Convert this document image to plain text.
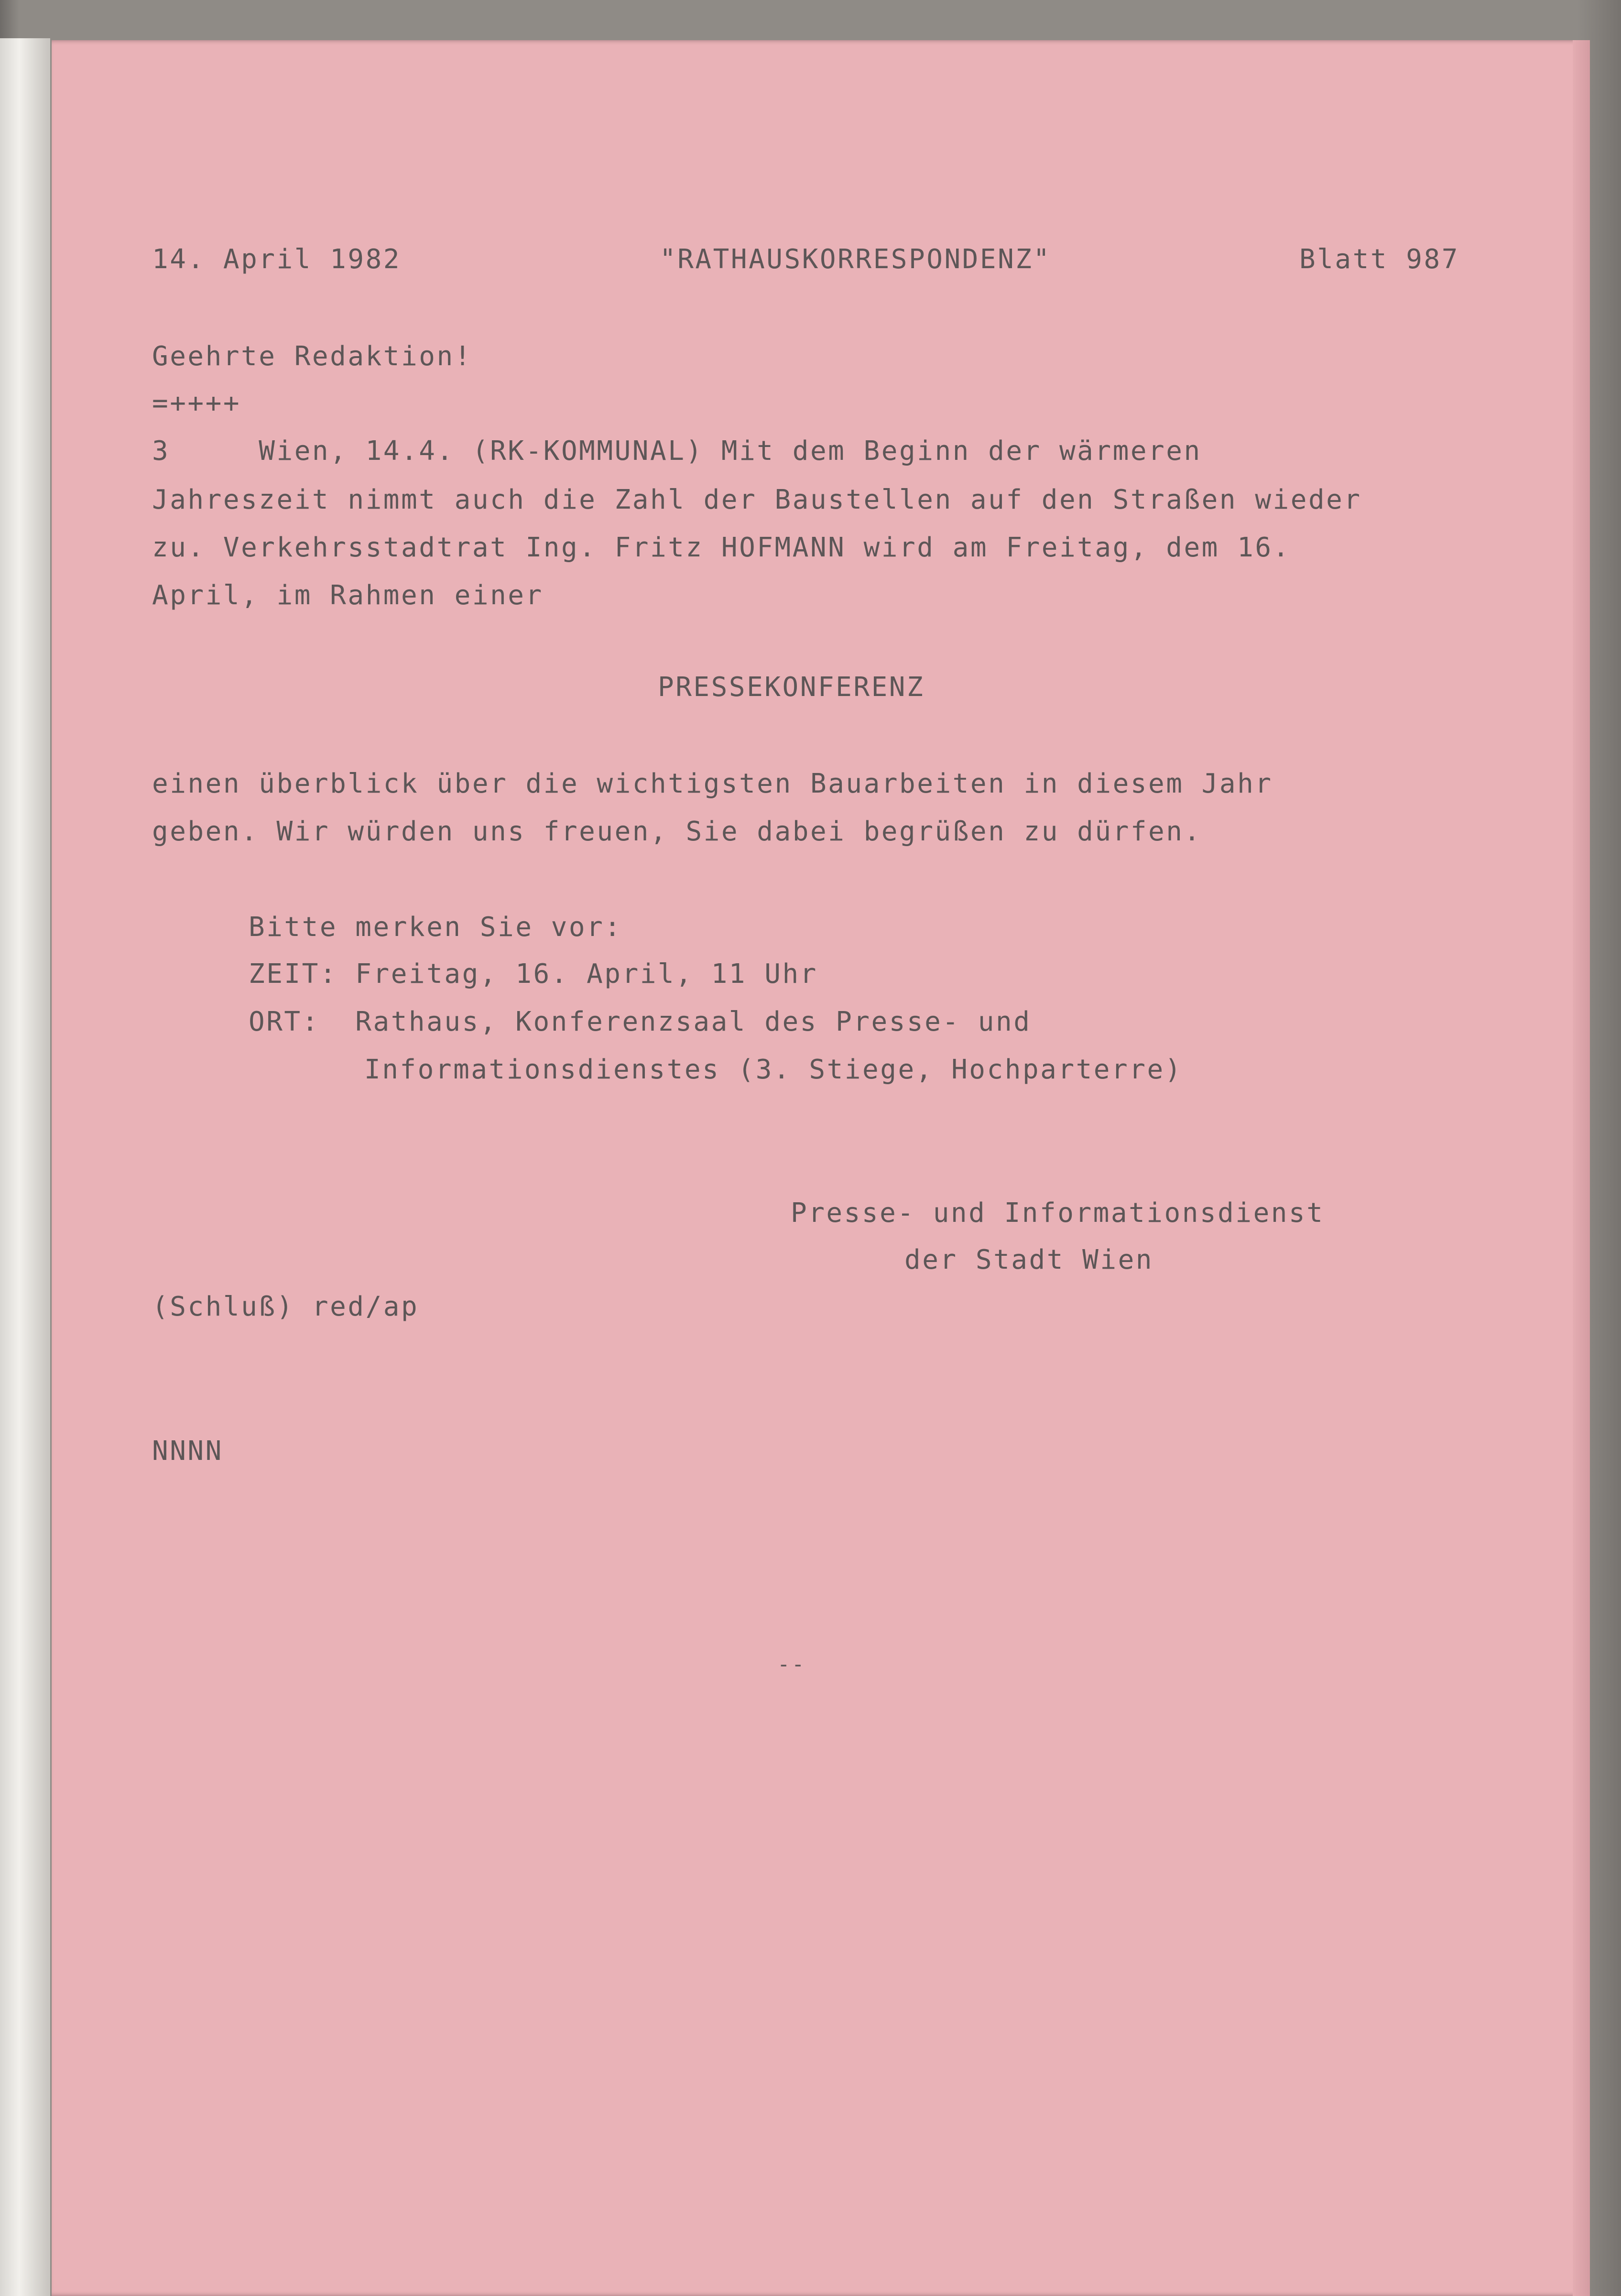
14. April 1982	"RATHAUSKORRESPONDENZ"	Blatt 987
Geehrte Redaktion!
=++++
3     Wien, 14.4. (RK-KOMMUNAL) Mit dem Beginn der wärmeren
Jahreszeit nimmt auch die Zahl der Baustellen auf den Straßen wieder
zu. Verkehrsstadtrat Ing. Fritz HOFMANN wird am Freitag, dem 16.
April, im Rahmen einer
PRESSEKONFERENZ
einen überblick über die wichtigsten Bauarbeiten in diesem Jahr
geben. Wir würden uns freuen, Sie dabei begrüßen zu dürfen.
Bitte merken Sie vor:
ZEIT: Freitag, 16. April, 11 Uhr
ORT:  Rathaus, Konferenzsaal des Presse- und
Informationsdienstes (3. Stiege, Hochparterre)
Presse- und Informationsdienst
der Stadt Wien
(Schluß) red/ap
NNNN
--
